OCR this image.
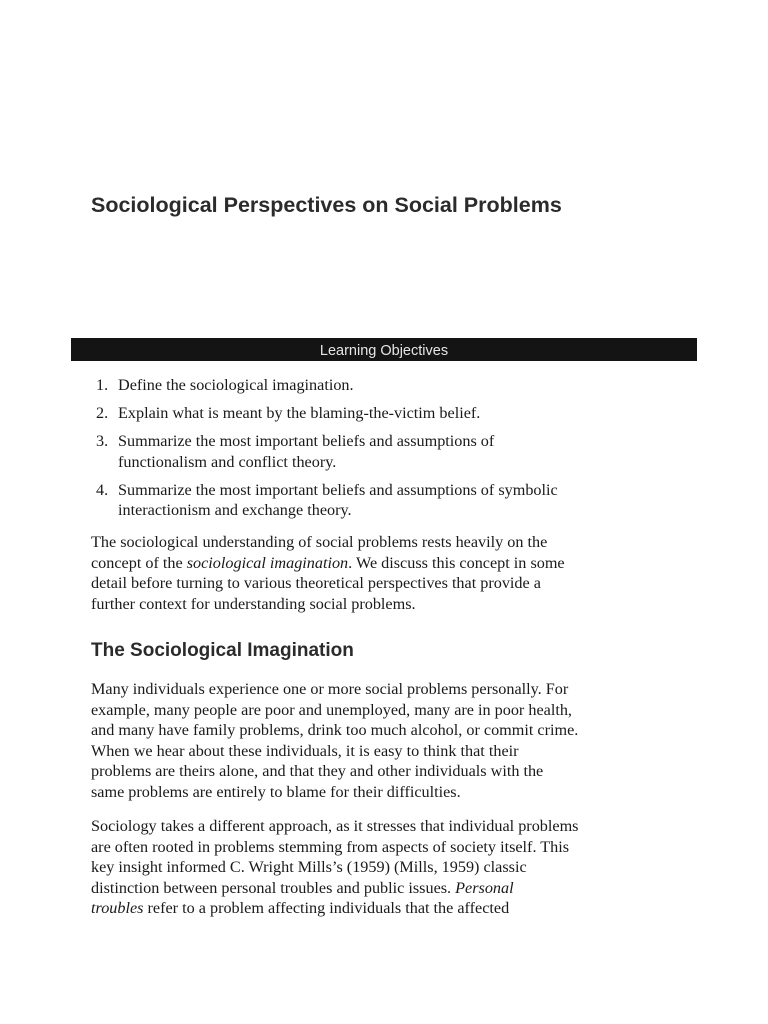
Sociological Perspectives on Social Problems
Learning Objectives
1. Define the sociological imagination.
2. Explain what is meant by the blaming-the-victim belief.
3. Summarize the most important beliefs and assumptions of
functionalism and conflict theory.
4. Summarize the most important beliefs and assumptions of symbolic
interactionism and exchange theory.

The sociological understanding of social problems rests heavily on the
concept of the sociological imagination. We discuss this concept in some
detail before turning to various theoretical perspectives that provide a
further context for understanding social problems.

The Sociological Imagination

Many individuals experience one or more social problems personally. For
example, many people are poor and unemployed, many are in poor health,
and many have family problems, drink too much alcohol, or commit crime.
When we hear about these individuals, it is easy to think that their
problems are theirs alone, and that they and other individuals with the
same problems are entirely to blame for their difficulties.

Sociology takes a different approach, as it stresses that individual problems
are often rooted in problems stemming from aspects of society itself. This
key insight informed C. Wright Mills’s (1959) (Mills, 1959) classic
distinction between personal troubles and public issues. Personal
troubles refer to a problem affecting individuals that the affected
